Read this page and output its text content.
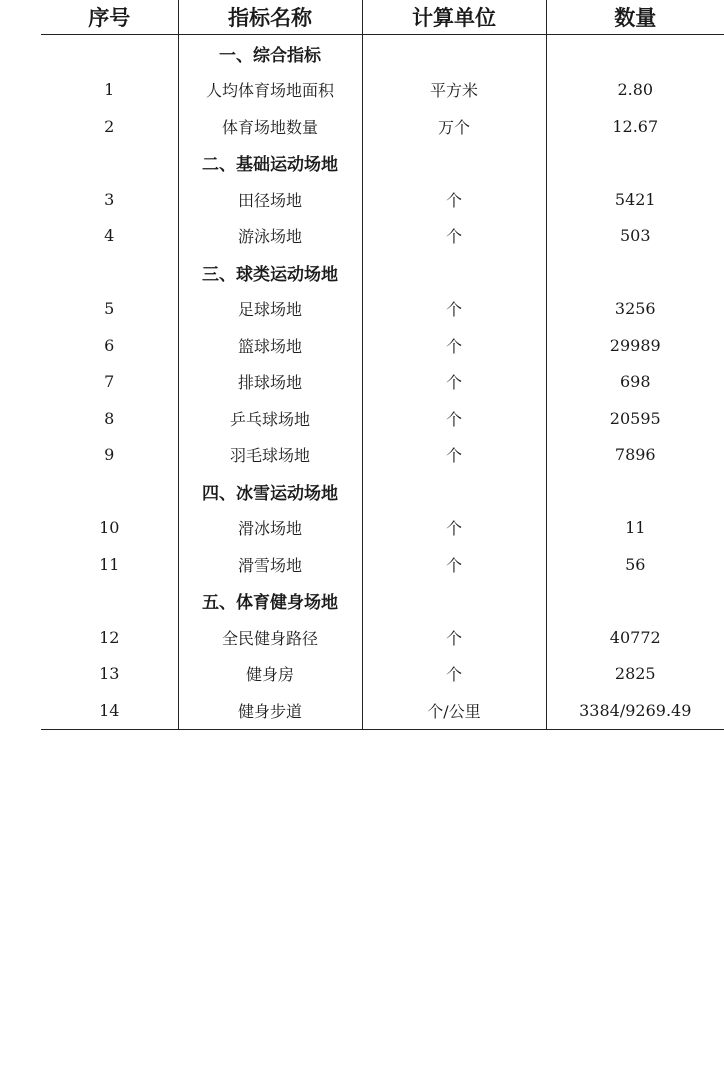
序号	指标名称	计算单位	数量
	一、综合指标		
1	人均体育场地面积	平方米	2.80
2	体育场地数量	万个	12.67
	二、基础运动场地		
3	田径场地	个	5421
4	游泳场地	个	503
	三、球类运动场地		
5	足球场地	个	3256
6	篮球场地	个	29989
7	排球场地	个	698
8	乒乓球场地	个	20595
9	羽毛球场地	个	7896
	四、冰雪运动场地		
10	滑冰场地	个	11
11	滑雪场地	个	56
	五、体育健身场地		
12	全民健身路径	个	40772
13	健身房	个	2825
14	健身步道	个/公里	3384/9269.49
